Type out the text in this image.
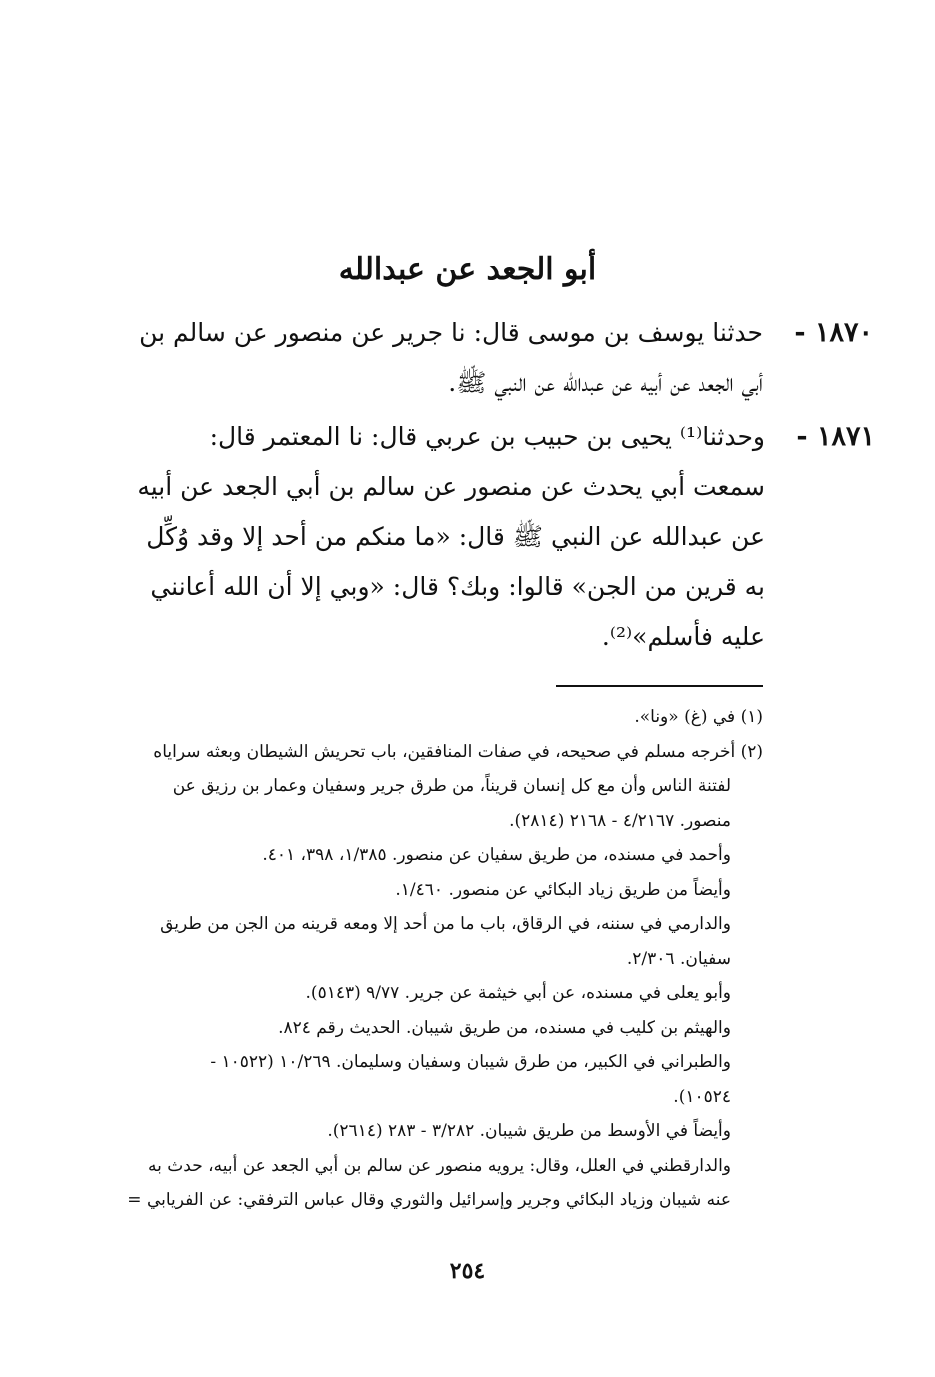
أبو الجعد عن عبدالله
١٨٧٠ -
حدثنا يوسف بن موسى قال: نا جرير عن منصور عن سالم بن
أبي الجعد عن أبيه عن عبدالله عن النبي ﷺ.
١٨٧١ -
وحدثنا⁽¹⁾ يحيى بن حبيب بن عربي قال: نا المعتمر قال:
سمعت أبي يحدث عن منصور عن سالم بن أبي الجعد عن أبيه
عن عبدالله عن النبي ﷺ قال: «ما منكم من أحد إلا وقد وُكِّل
به قرين من الجن» قالوا: وبك؟ قال: «وبي إلا أن الله أعانني
عليه فأسلم»⁽²⁾.
(١) في (غ) «ونا».
(٢) أخرجه مسلم في صحيحه، في صفات المنافقين، باب تحريش الشيطان وبعثه سراياه
لفتنة الناس وأن مع كل إنسان قريناً، من طرق جرير وسفيان وعمار بن رزيق عن
منصور. ٤/٢١٦٧ - ٢١٦٨ (٢٨١٤).
وأحمد في مسنده، من طريق سفيان عن منصور. ١/٣٨٥، ٣٩٨، ٤٠١.
وأيضاً من طريق زياد البكائي عن منصور. ١/٤٦٠.
والدارمي في سننه، في الرقاق، باب ما من أحد إلا ومعه قرينه من الجن من طريق
سفيان. ٢/٣٠٦.
وأبو يعلى في مسنده، عن أبي خيثمة عن جرير. ٩/٧٧ (٥١٤٣).
والهيثم بن كليب في مسنده، من طريق شيبان. الحديث رقم ٨٢٤.
والطبراني في الكبير، من طرق شيبان وسفيان وسليمان. ١٠/٢٦٩ (١٠٥٢٢ -
١٠٥٢٤).
وأيضاً في الأوسط من طريق شيبان. ٣/٢٨٢ - ٢٨٣ (٢٦١٤).
والدارقطني في العلل، وقال: يرويه منصور عن سالم بن أبي الجعد عن أبيه، حدث به
عنه شيبان وزياد البكائي وجرير وإسرائيل والثوري وقال عباس الترفقي: عن الفريابي =
٢٥٤
